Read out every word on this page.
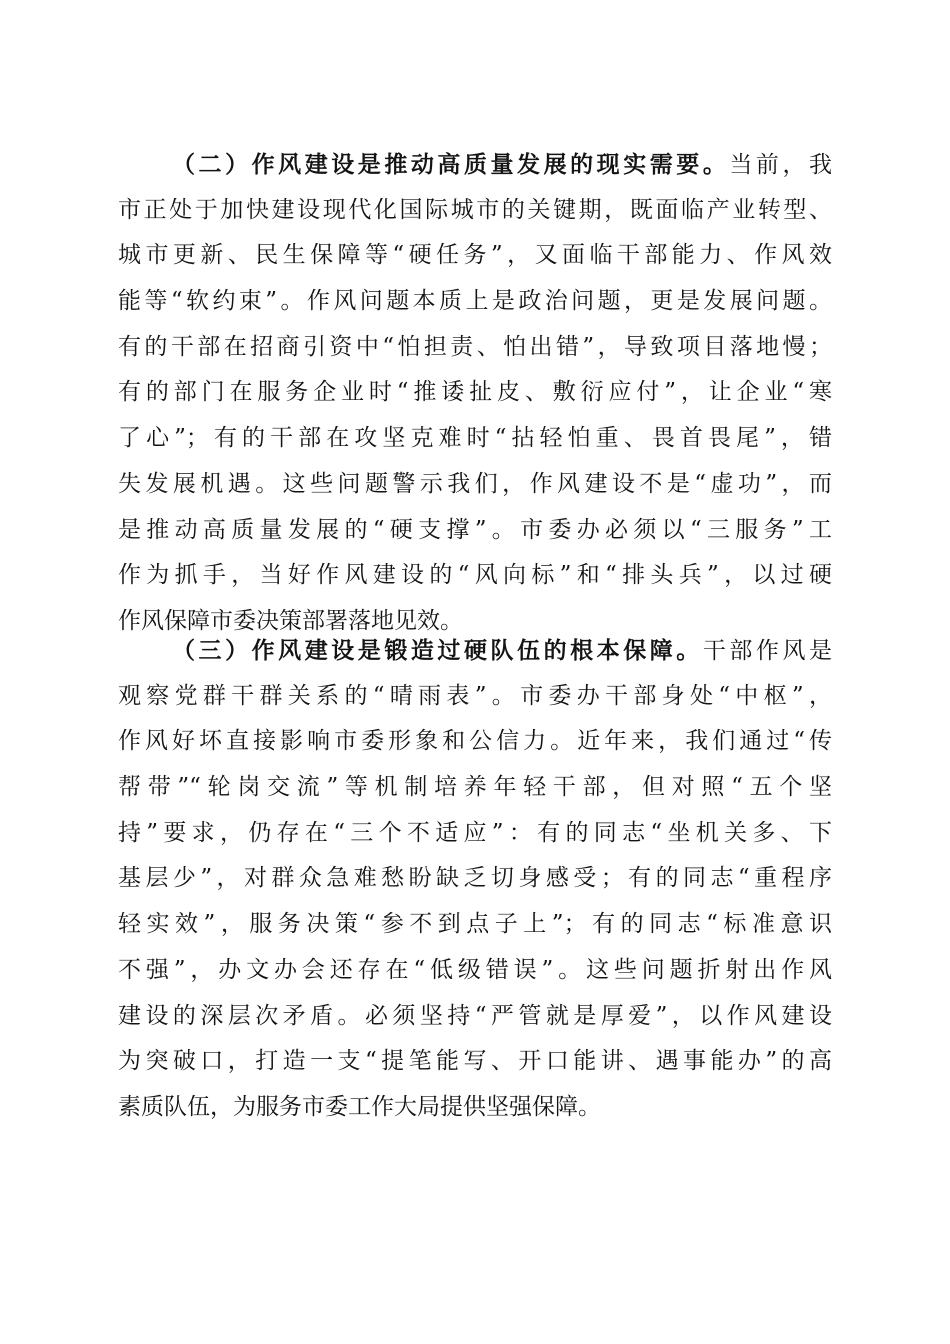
（二）作风建设是推动高质量发展的现实需要。当前，我
市正处于加快建设现代化国际城市的关键期，既面临产业转型、
城市更新、民生保障等“硬任务”，又面临干部能力、作风效
能等“软约束”。作风问题本质上是政治问题，更是发展问题。
有的干部在招商引资中“怕担责、怕出错”，导致项目落地慢；
有的部门在服务企业时“推诿扯皮、敷衍应付”，让企业“寒
了心”；有的干部在攻坚克难时“拈轻怕重、畏首畏尾”，错
失发展机遇。这些问题警示我们，作风建设不是“虚功”，而
是推动高质量发展的“硬支撑”。市委办必须以“三服务”工
作为抓手，当好作风建设的“风向标”和“排头兵”，以过硬
作风保障市委决策部署落地见效。
（三）作风建设是锻造过硬队伍的根本保障。干部作风是
观察党群干群关系的“晴雨表”。市委办干部身处“中枢”，
作风好坏直接影响市委形象和公信力。近年来，我们通过“传
帮带”“轮岗交流”等机制培养年轻干部，但对照“五个坚
持”要求，仍存在“三个不适应”：有的同志“坐机关多、下
基层少”，对群众急难愁盼缺乏切身感受；有的同志“重程序
轻实效”，服务决策“参不到点子上”；有的同志“标准意识
不强”，办文办会还存在“低级错误”。这些问题折射出作风
建设的深层次矛盾。必须坚持“严管就是厚爱”，以作风建设
为突破口，打造一支“提笔能写、开口能讲、遇事能办”的高
素质队伍，为服务市委工作大局提供坚强保障。
